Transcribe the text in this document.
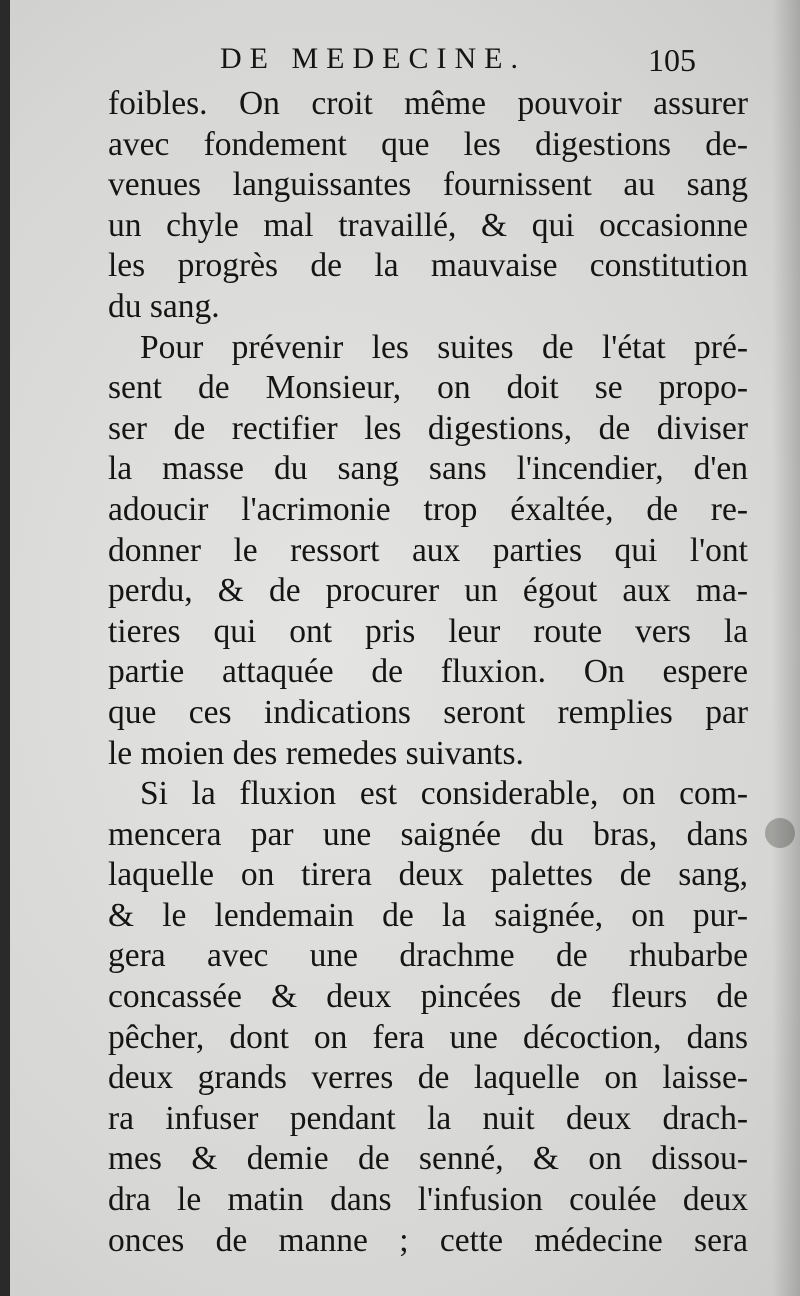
DE MEDECINE.	105
foibles. On croit même pouvoir assurer
avec fondement que les digestions de-
venues languissantes fournissent au sang
un chyle mal travaillé, & qui occasionne
les progrès de la mauvaise constitution
du sang.
Pour prévenir les suites de l'état pré-
sent de Monsieur, on doit se propo-
ser de rectifier les digestions, de diviser
la masse du sang sans l'incendier, d'en
adoucir l'acrimonie trop éxaltée, de re-
donner le ressort aux parties qui l'ont
perdu, & de procurer un égout aux ma-
tieres qui ont pris leur route vers la
partie attaquée de fluxion. On espere
que ces indications seront remplies par
le moien des remedes suivants.
Si la fluxion est considerable, on com-
mencera par une saignée du bras, dans
laquelle on tirera deux palettes de sang,
& le lendemain de la saignée, on pur-
gera avec une drachme de rhubarbe
concassée & deux pincées de fleurs de
pêcher, dont on fera une décoction, dans
deux grands verres de laquelle on laisse-
ra infuser pendant la nuit deux drach-
mes & demie de senné, & on dissou-
dra le matin dans l'infusion coulée deux
onces de manne ; cette médecine sera
